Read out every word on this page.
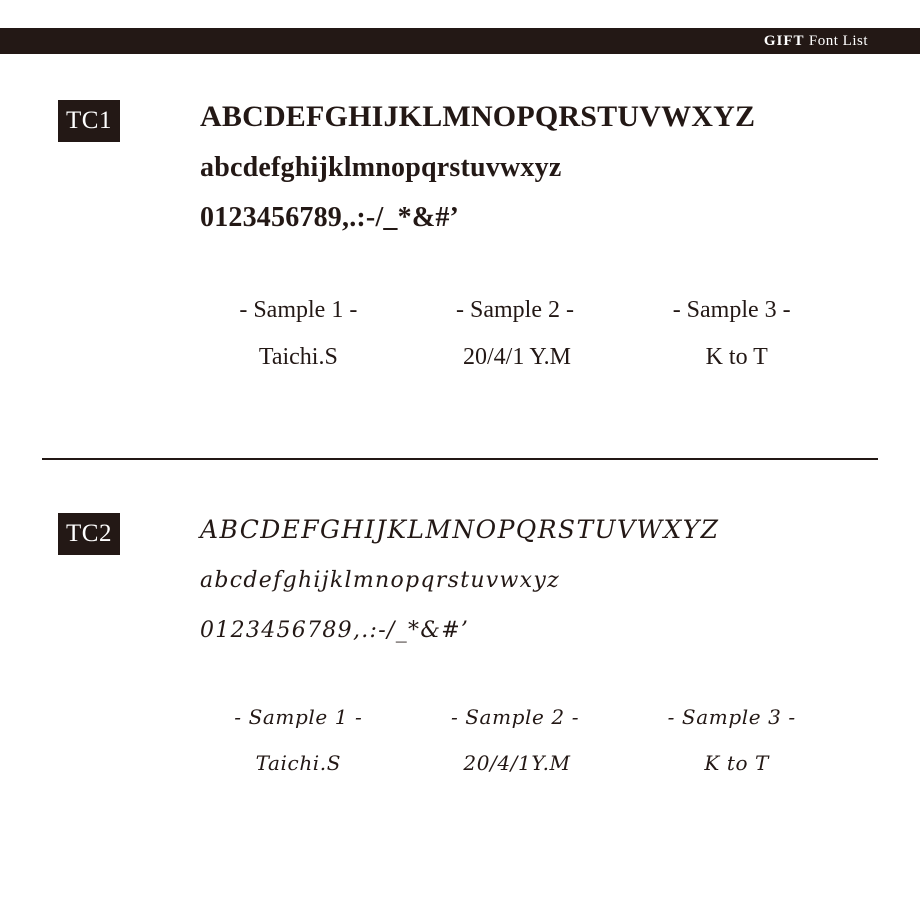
GIFT Font List
TC1	ABCDEFGHIJKLMNOPQRSTUVWXYZ
abcdefghijklmnopqrstuvwxyz
0123456789,.:-/_*&#’
- Sample 1 -
Taichi.S
- Sample 2 -
20/4/1 Y.M
- Sample 3 -
K to T
TC2	ABCDEFGHIJKLMNOPQRSTUVWXYZ
abcdefghijklmnopqrstuvwxyz
0123456789,.:-/_*&#’
- Sample 1 -
Taichi.S
- Sample 2 -
20/4/1Y.M
- Sample 3 -
K to T
